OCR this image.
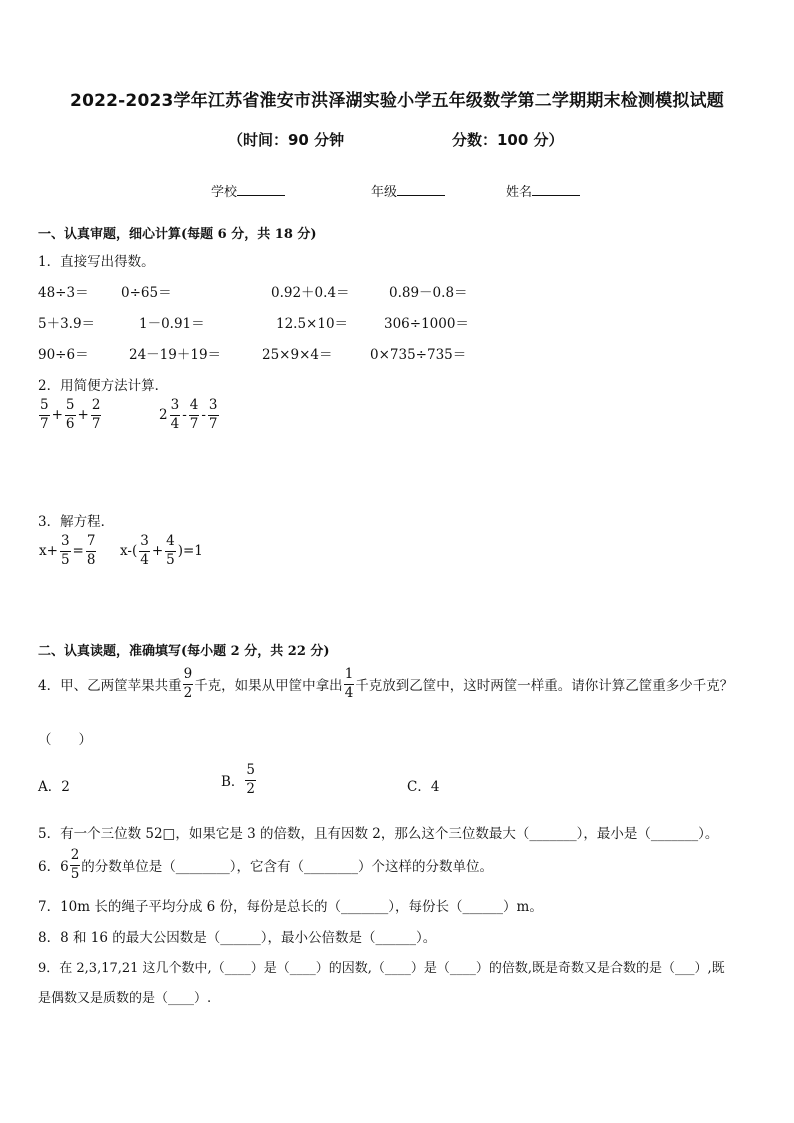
2022-2023学年江苏省淮安市洪泽湖实验小学五年级数学第二学期期末检测模拟试题
（时间：90 分钟	分数：100 分）
学校	年级	姓名
一、认真审题，细心计算(每题 6 分，共 18 分)
1．直接写出得数。
48÷3＝ 0÷65＝	0.92＋0.4＝	0.89－0.8＝
5＋3.9＝	1－0.91＝	12.5×10＝	306÷1000＝
90÷6＝	24－19＋19＝	25×9×4＝	0×735÷735＝
2．用简便方法计算．
$\frac{5}{7} + \frac{5}{6} + \frac{2}{7}$	$2 \frac{3}{4} - \frac{4}{7} - \frac{3}{7}$
3．解方程．
$x+ \frac{3}{5} = \frac{7}{8} x-( \frac{3}{4} + \frac{4}{5} )=1$
二、认真读题，准确填写(每小题 2 分，共 22 分)
4．甲、乙两筐苹果共重 $\frac{9}{2}$ 千克，如果从甲筐中拿出 $\frac{1}{4}$ 千克放到乙筐中，这时两筐一样重。请你计算乙筐重多少千克？
（　　）
A．2	B． $\frac{5}{2}$	C．4
5．有一个三位数 52□，如果它是 3 的倍数，且有因数 2，那么这个三位数最大（_______），最小是（_______）。
6．$6 \frac{2}{5}$ 的分数单位是（________），它含有（________）个这样的分数单位。
7．10m 长的绳子平均分成 6 份，每份是总长的（_______），每份长（______）m。
8．8 和 16 的最大公因数是（______），最小公倍数是（______）。
9．在 2,3,17,21 这几个数中,（____）是（____）的因数,（____）是（____）的倍数,既是奇数又是合数的是（___）,既
是偶数又是质数的是（____）.
